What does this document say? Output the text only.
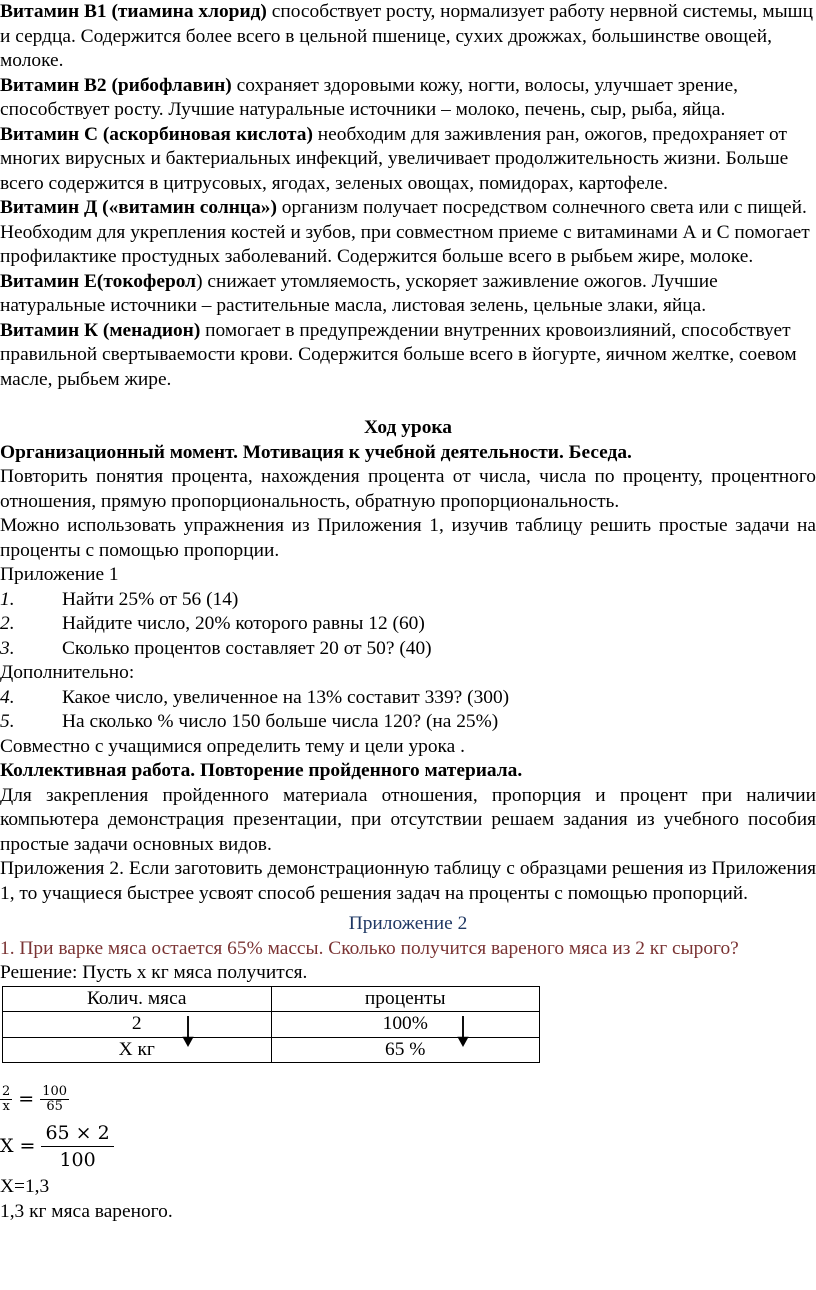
Витамин В1 (тиамина хлорид) способствует росту, нормализует работу нервной системы, мышц и сердца. Содержится более всего в цельной пшенице, сухих дрожжах, большинстве овощей, молоке.

Витамин В2 (рибофлавин) сохраняет здоровыми кожу, ногти, волосы, улучшает зрение, способствует росту. Лучшие натуральные источники – молоко, печень, сыр, рыба, яйца.

Витамин С (аскорбиновая кислота) необходим для заживления ран, ожогов, предохраняет от многих вирусных и бактериальных инфекций, увеличивает продолжительность жизни. Больше всего содержится в цитрусовых, ягодах, зеленых овощах, помидорах, картофеле.

Витамин Д («витамин солнца») организм получает посредством солнечного света или с пищей. Необходим для укрепления костей и зубов, при совместном приеме с витаминами А и С помогает профилактике простудных заболеваний. Содержится больше всего в рыбьем жире, молоке.

Витамин Е(токоферол) снижает утомляемость, ускоряет заживление ожогов. Лучшие натуральные источники – растительные масла, листовая зелень, цельные злаки, яйца.

Витамин К (менадион) помогает в предупреждении внутренних кровоизлияний, способствует правильной свертываемости крови. Содержится больше всего в йогурте, яичном желтке, соевом масле, рыбьем жире.

Ход урока

Организационный момент. Мотивация к учебной деятельности. Беседа.

Повторить понятия процента, нахождения процента от числа, числа по проценту, процентного отношения, прямую пропорциональность, обратную пропорциональность.

Можно использовать упражнения из Приложения 1, изучив таблицу решить простые задачи на проценты с помощью пропорции.

Приложение 1

1. Найти 25% от 56 (14)
2. Найдите число, 20% которого равны 12 (60)
3. Сколько процентов составляет 20 от 50? (40)

Дополнительно:

4. Какое число, увеличенное на 13% составит 339? (300)
5. На сколько % число 150 больше числа 120? (на 25%)

Совместно с учащимися определить тему и цели урока .

Коллективная работа. Повторение пройденного материала.

Для закрепления пройденного материала отношения, пропорция и процент при наличии компьютера демонстрация презентации, при отсутствии решаем задания из учебного пособия простые задачи основных видов.

Приложения 2. Если заготовить демонстрационную таблицу с образцами решения из Приложения 1, то учащиеся быстрее усвоят способ решения задач на проценты с помощью пропорций.

Приложение 2

1. При варке мяса остается 65% массы. Сколько получится вареного мяса из 2 кг сырого?

Решение: Пусть х кг мяса получится.

Колич. мяса	проценты
2	100%
Х кг	65 %
$\frac{2}{x} = \frac{100}{65}$
$X = \frac{65 \times 2}{100}$

X=1,3

1,3 кг мяса вареного.
